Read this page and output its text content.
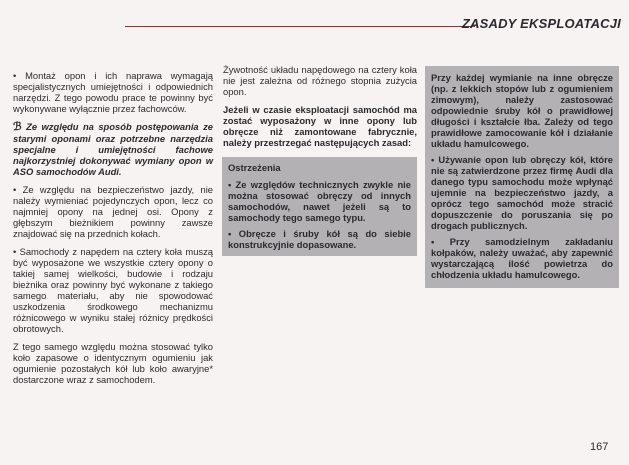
ZASADY EKSPLOATACJI

• Montaż opon i ich naprawa wymagają specjalistycznych umiejętności i odpowiednich narzędzi. Z tego powodu prace te powinny być wykonywane wyłącznie przez fachowców.

ℬ Ze względu na sposób postępowania ze starymi oponami oraz potrzebne narzędzia specjalne i umiejętności fachowe najkorzystniej dokonywać wymiany opon w ASO samochodów Audi.

• Ze względu na bezpieczeństwo jazdy, nie należy wymieniać pojedynczych opon, lecz co najmniej opony na jednej osi. Opony z głębszym bieżnikiem powinny zawsze znajdować się na przednich kołach.

• Samochody z napędem na cztery koła muszą być wyposażone we wszystkie cztery opony o takiej samej wielkości, budowie i rodzaju bieżnika oraz powinny być wykonane z takiego samego materiału, aby nie spowodować uszkodzenia środkowego mechanizmu różnicowego w wyniku stałej różnicy prędkości obrotowych.

Z tego samego względu można stosować tylko koło zapasowe o identycznym ogumieniu jak ogumienie pozostałych kół lub koło awaryjne* dostarczone wraz z samochodem.

Żywotność układu napędowego na cztery koła nie jest zależna od różnego stopnia zużycia opon.

Jeżeli w czasie eksploatacji samochód ma zostać wyposażony w inne opony lub obręcze niż zamontowane fabrycznie, należy przestrzegać następujących zasad:

Ostrzeżenia

• Ze względów technicznych zwykle nie można stosować obręczy od innych samochodów, nawet jeżeli są to samochody tego samego typu.

• Obręcze i śruby kół są do siebie konstrukcyjnie dopasowane.

Przy każdej wymianie na inne obręcze (np. z lekkich stopów lub z ogumieniem zimowym), należy zastosować odpowiednie śruby kół o prawidłowej długości i kształcie łba. Zależy od tego prawidłowe zamocowanie kół i działanie układu hamulcowego.

• Używanie opon lub obręczy kół, które nie są zatwierdzone przez firmę Audi dla danego typu samochodu może wpłynąć ujemnie na bezpieczeństwo jazdy, a oprócz tego samochód może stracić dopuszczenie do poruszania się po drogach publicznych.

• Przy samodzielnym zakładaniu kołpaków, należy uważać, aby zapewnić wystarczającą ilość powietrza do chłodzenia układu hamulcowego.

167
